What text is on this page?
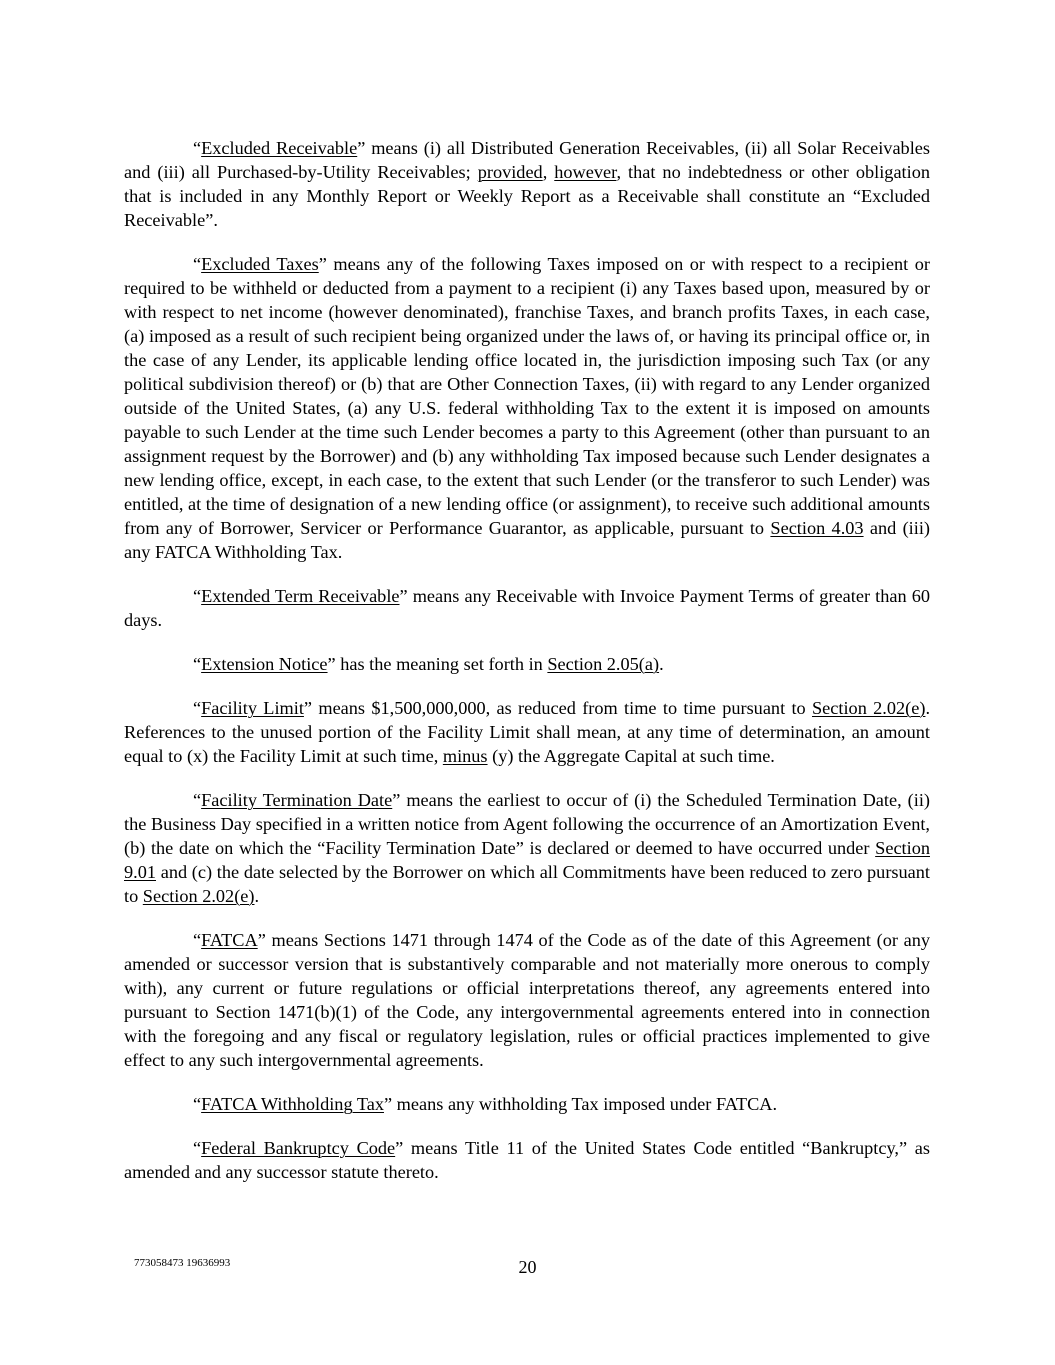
“Excluded Receivable” means (i) all Distributed Generation Receivables, (ii) all Solar Receivables and (iii) all Purchased-by-Utility Receivables; provided, however, that no indebtedness or other obligation that is included in any Monthly Report or Weekly Report as a Receivable shall constitute an “Excluded Receivable”.

“Excluded Taxes” means any of the following Taxes imposed on or with respect to a recipient or required to be withheld or deducted from a payment to a recipient (i) any Taxes based upon, measured by or with respect to net income (however denominated), franchise Taxes, and branch profits Taxes, in each case, (a) imposed as a result of such recipient being organized under the laws of, or having its principal office or, in the case of any Lender, its applicable lending office located in, the jurisdiction imposing such Tax (or any political subdivision thereof) or (b) that are Other Connection Taxes, (ii) with regard to any Lender organized outside of the United States, (a) any U.S. federal withholding Tax to the extent it is imposed on amounts payable to such Lender at the time such Lender becomes a party to this Agreement (other than pursuant to an assignment request by the Borrower) and (b) any withholding Tax imposed because such Lender designates a new lending office, except, in each case, to the extent that such Lender (or the transferor to such Lender) was entitled, at the time of designation of a new lending office (or assignment), to receive such additional amounts from any of Borrower, Servicer or Performance Guarantor, as applicable, pursuant to Section 4.03 and (iii) any FATCA Withholding Tax.

“Extended Term Receivable” means any Receivable with Invoice Payment Terms of greater than 60 days.

“Extension Notice” has the meaning set forth in Section 2.05(a).

“Facility Limit” means $1,500,000,000, as reduced from time to time pursuant to Section 2.02(e). References to the unused portion of the Facility Limit shall mean, at any time of determination, an amount equal to (x) the Facility Limit at such time, minus (y) the Aggregate Capital at such time.

“Facility Termination Date” means the earliest to occur of (i) the Scheduled Termination Date, (ii) the Business Day specified in a written notice from Agent following the occurrence of an Amortization Event, (b) the date on which the “Facility Termination Date” is declared or deemed to have occurred under Section 9.01 and (c) the date selected by the Borrower on which all Commitments have been reduced to zero pursuant to Section 2.02(e).

“FATCA” means Sections 1471 through 1474 of the Code as of the date of this Agreement (or any amended or successor version that is substantively comparable and not materially more onerous to comply with), any current or future regulations or official interpretations thereof, any agreements entered into pursuant to Section 1471(b)(1) of the Code, any intergovernmental agreements entered into in connection with the foregoing and any fiscal or regulatory legislation, rules or official practices implemented to give effect to any such intergovernmental agreements.

“FATCA Withholding Tax” means any withholding Tax imposed under FATCA.

“Federal Bankruptcy Code” means Title 11 of the United States Code entitled “Bankruptcy,” as amended and any successor statute thereto.

773058473 19636993	20
